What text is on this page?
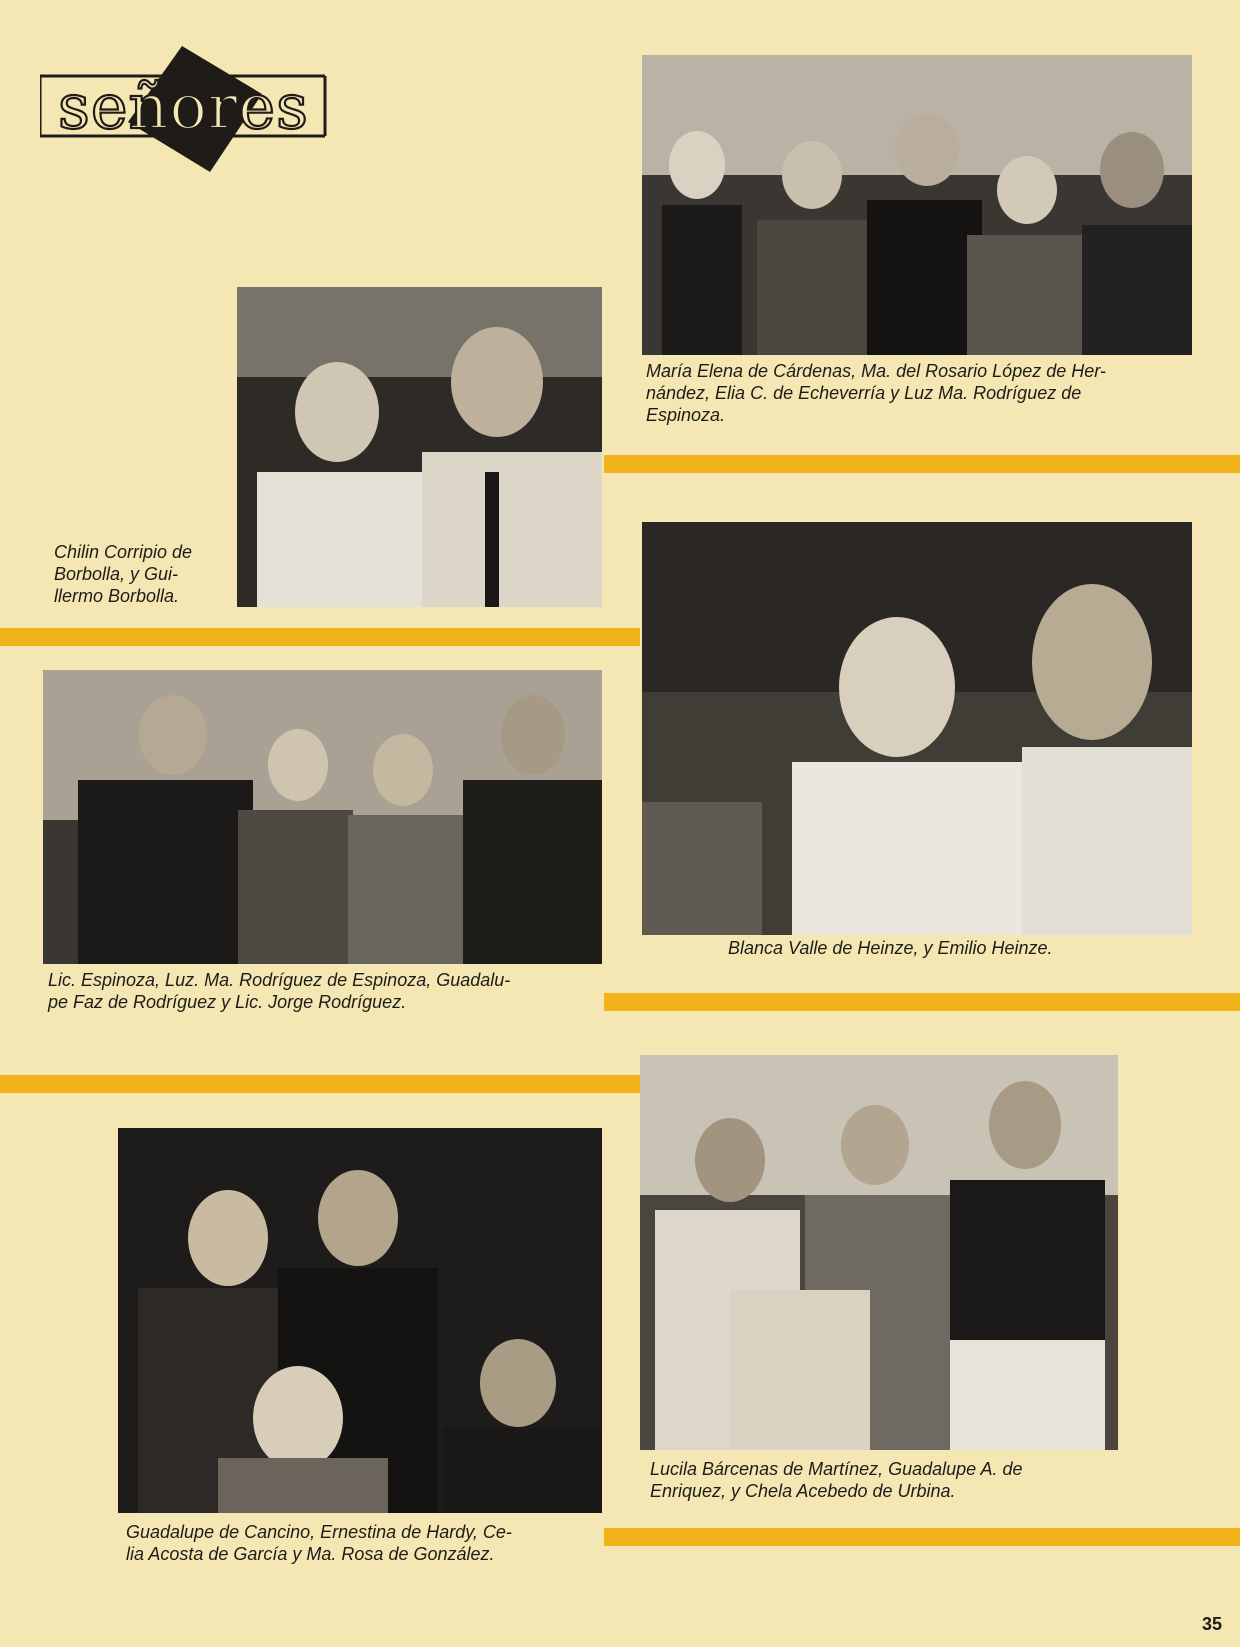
señores
María Elena de Cárdenas, Ma. del Rosario López de Her-
nández, Elia C. de Echeverría y Luz Ma. Rodríguez de
Espinoza.
Chilin Corripio de
Borbolla, y Gui-
llermo Borbolla.
Blanca Valle de Heinze, y Emilio Heinze.
Lic. Espinoza, Luz. Ma. Rodríguez de Espinoza, Guadalu-
pe Faz de Rodríguez y Lic. Jorge Rodríguez.
Lucila Bárcenas de Martínez, Guadalupe A. de
Enriquez, y Chela Acebedo de Urbina.
Guadalupe de Cancino, Ernestina de Hardy, Ce-
lia Acosta de García y Ma. Rosa de González.
35
